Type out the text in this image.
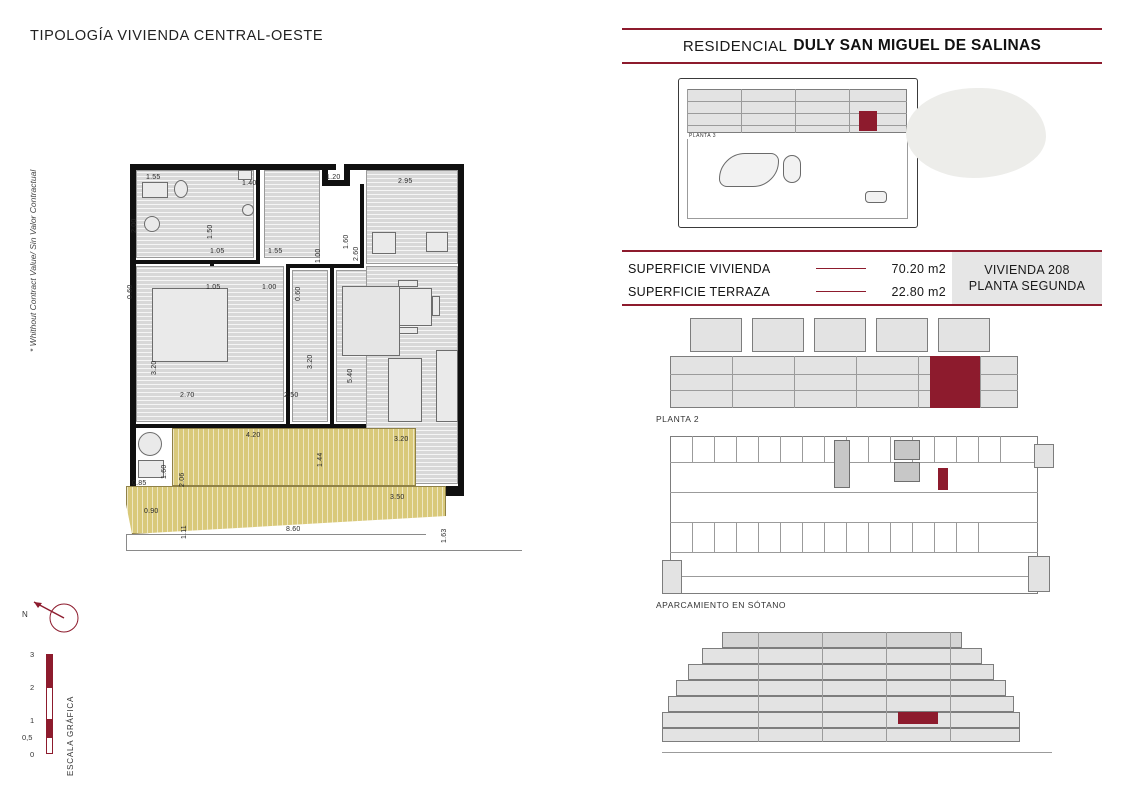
TIPOLOGÍA VIVIENDA CENTRAL-OESTE
* Whithout Contract Value/ Sin Valor Contractual	1.55
2.00	1.50
1.40
1.20
2.95
1.60
2.60
1.05	1.55	1.00
0.60	1.05	1.00	0.60
3.20
2.70
3.20
2.50
5.40
3.20
4.20
1.44
3.50
8.60
2.06
1.11
0.90
0.85
1.60
1.63
N
ESCALA GRÁFICA
3
2
1
0,5
0
RESIDENCIAL DULY SAN MIGUEL DE SALINAS
PLANTA 3
SUPERFICIE VIVIENDA	70.20 m2
SUPERFICIE TERRAZA	22.80 m2
VIVIENDA 208
PLANTA SEGUNDA
PLANTA 2
APARCAMIENTO EN SÓTANO
